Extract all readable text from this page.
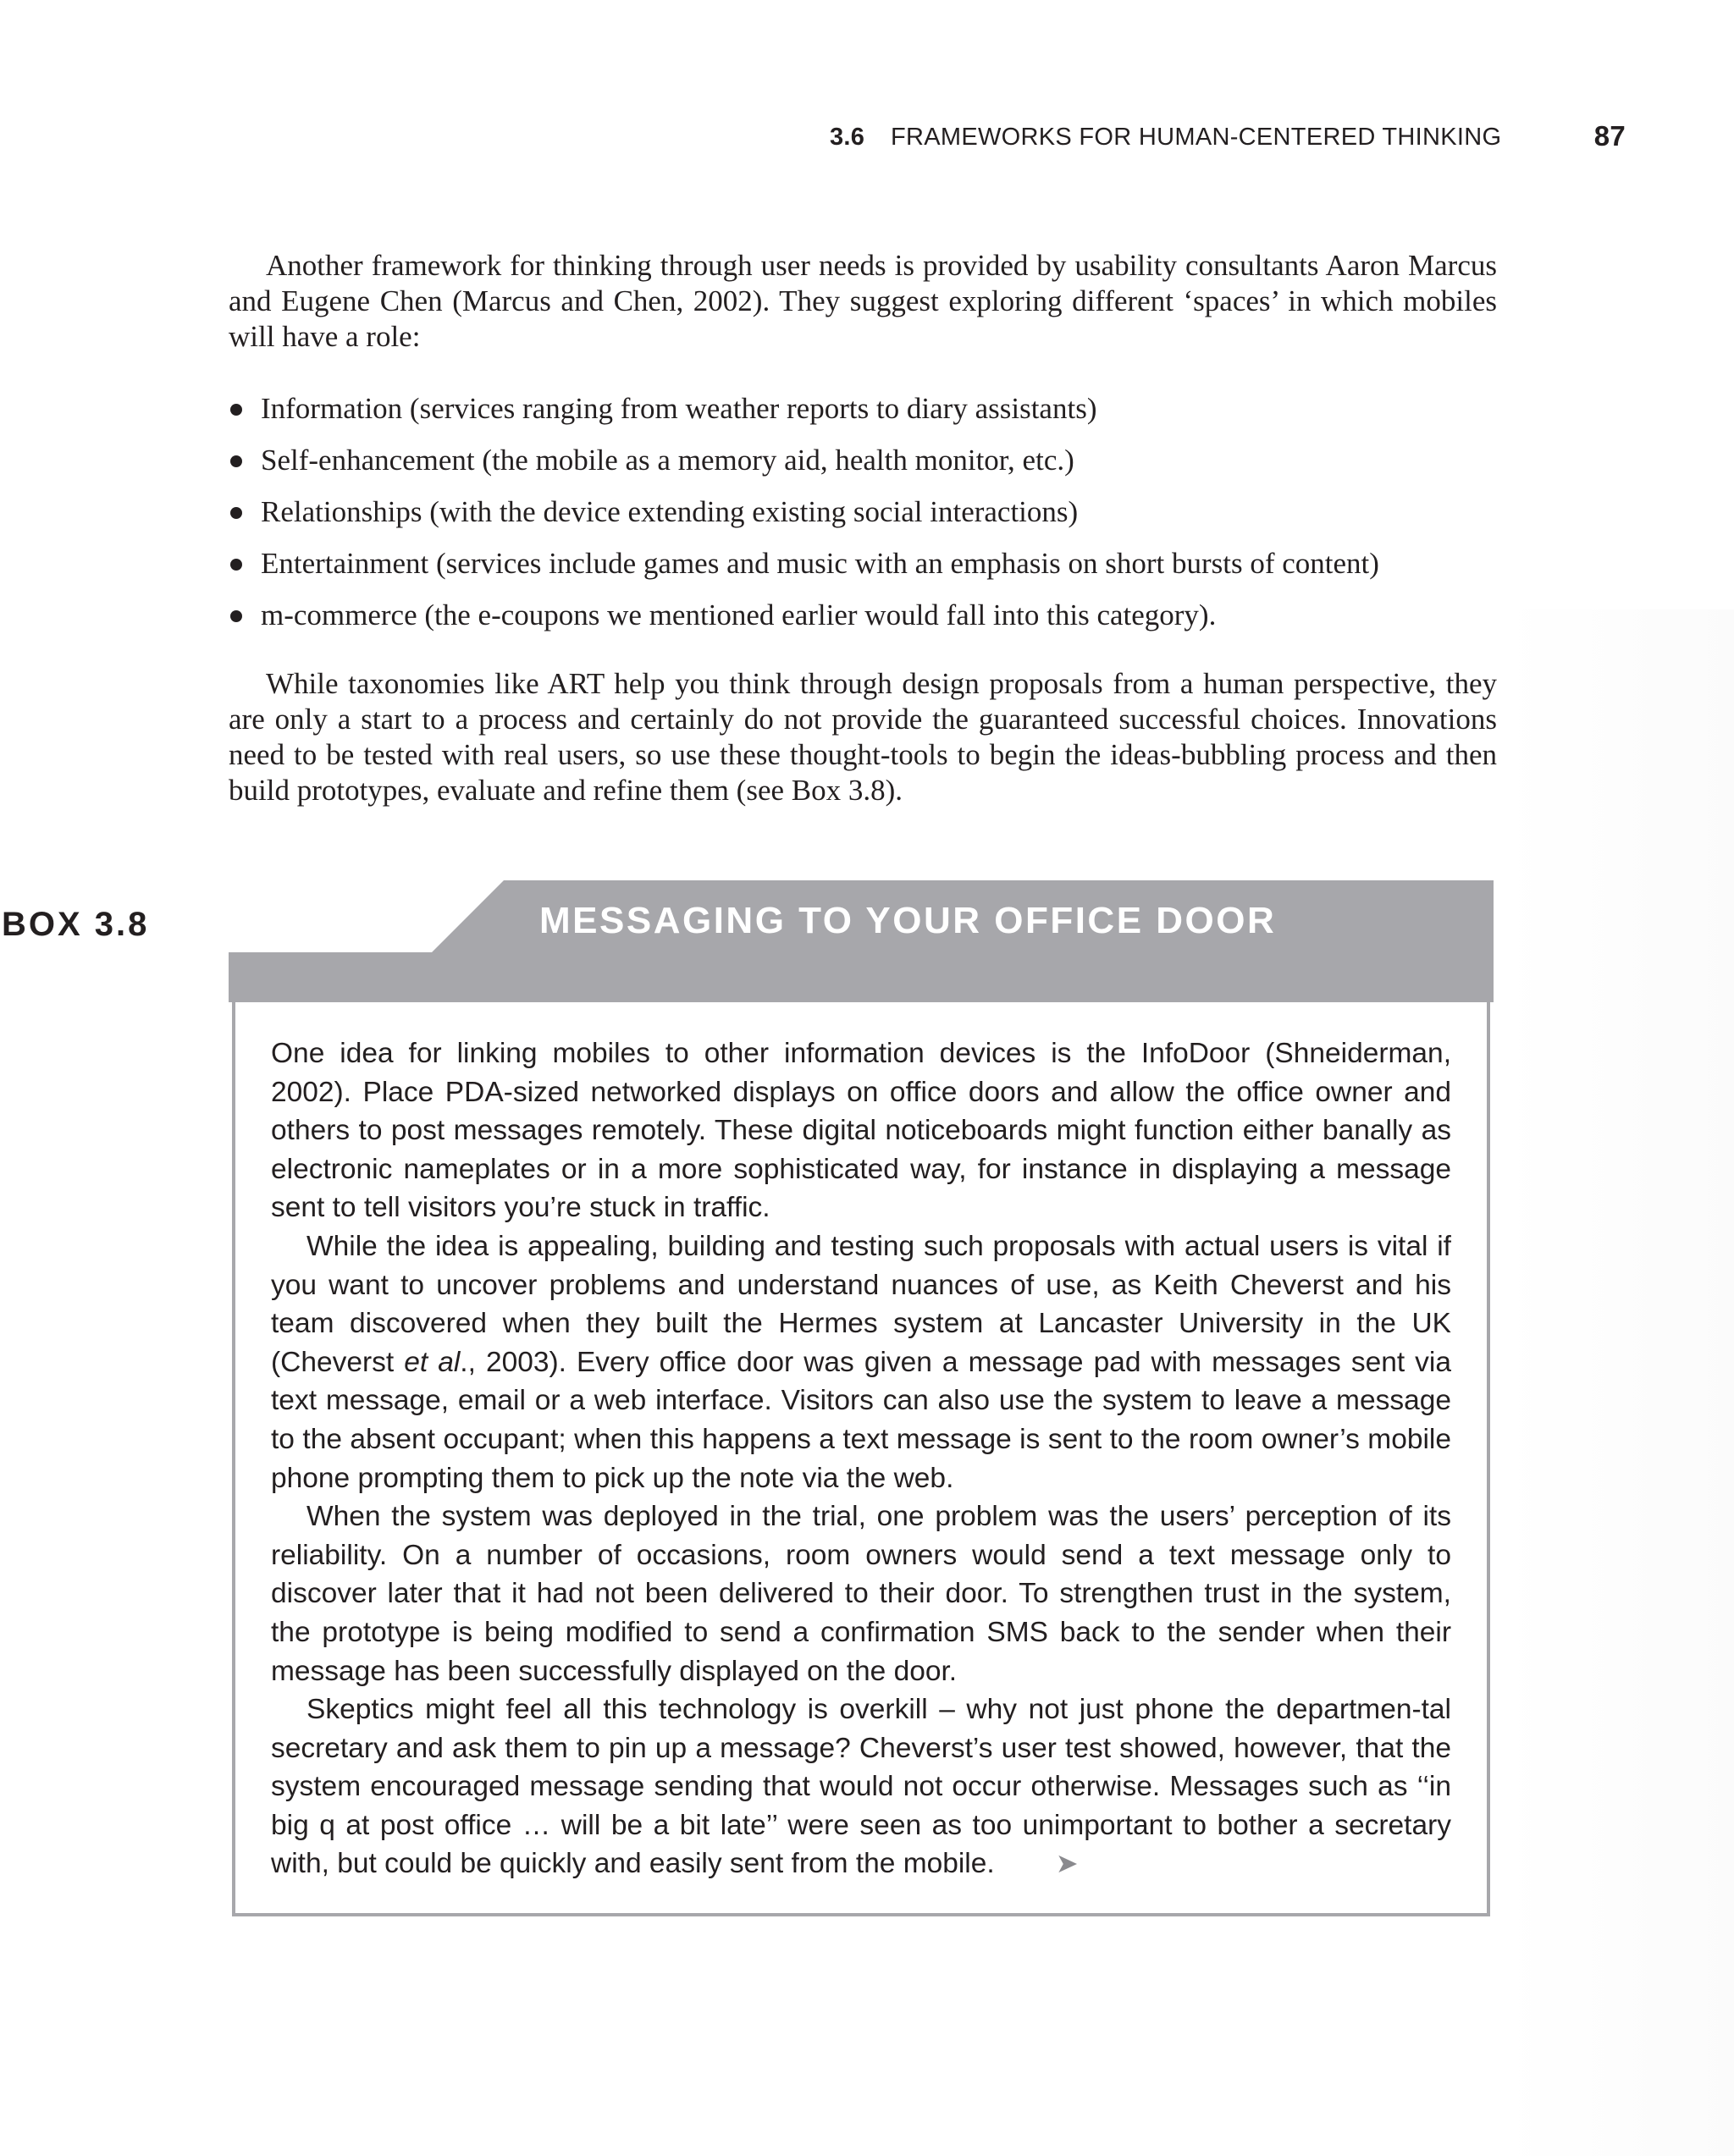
3.6 FRAMEWORKS FOR HUMAN-CENTERED THINKING	87

Another framework for thinking through user needs is provided by usability consultants Aaron Marcus and Eugene Chen (Marcus and Chen, 2002). They suggest exploring different ‘spaces’ in which mobiles will have a role:

Information (services ranging from weather reports to diary assistants)
Self-enhancement (the mobile as a memory aid, health monitor, etc.)
Relationships (with the device extending existing social interactions)
Entertainment (services include games and music with an emphasis on short bursts of content)
m-commerce (the e-coupons we mentioned earlier would fall into this category).

While taxonomies like ART help you think through design proposals from a human perspective, they are only a start to a process and certainly do not provide the guaranteed successful choices. Innovations need to be tested with real users, so use these thought-tools to begin the ideas-bubbling process and then build prototypes, evaluate and refine them (see Box 3.8).

BOX 3.8	MESSAGING TO YOUR OFFICE DOOR

One idea for linking mobiles to other information devices is the InfoDoor (Shneiderman, 2002). Place PDA-sized networked displays on office doors and allow the office owner and others to post messages remotely. These digital noticeboards might function either banally as electronic nameplates or in a more sophisticated way, for instance in displaying a message sent to tell visitors you’re stuck in traffic.

While the idea is appealing, building and testing such proposals with actual users is vital if you want to uncover problems and understand nuances of use, as Keith Cheverst and his team discovered when they built the Hermes system at Lancaster University in the UK (Cheverst et al., 2003). Every office door was given a message pad with messages sent via text message, email or a web interface. Visitors can also use the system to leave a message to the absent occupant; when this happens a text message is sent to the room owner’s mobile phone prompting them to pick up the note via the web.

When the system was deployed in the trial, one problem was the users’ perception of its reliability. On a number of occasions, room owners would send a text message only to discover later that it had not been delivered to their door. To strengthen trust in the system, the prototype is being modified to send a confirmation SMS back to the sender when their message has been successfully displayed on the door.

Skeptics might feel all this technology is overkill – why not just phone the departmen-tal secretary and ask them to pin up a message? Cheverst’s user test showed, however, that the system encouraged message sending that would not occur otherwise. Messages such as ‘‘in big q at post office … will be a bit late’’ were seen as too unimportant to bother a secretary with, but could be quickly and easily sent from the mobile. ➤
